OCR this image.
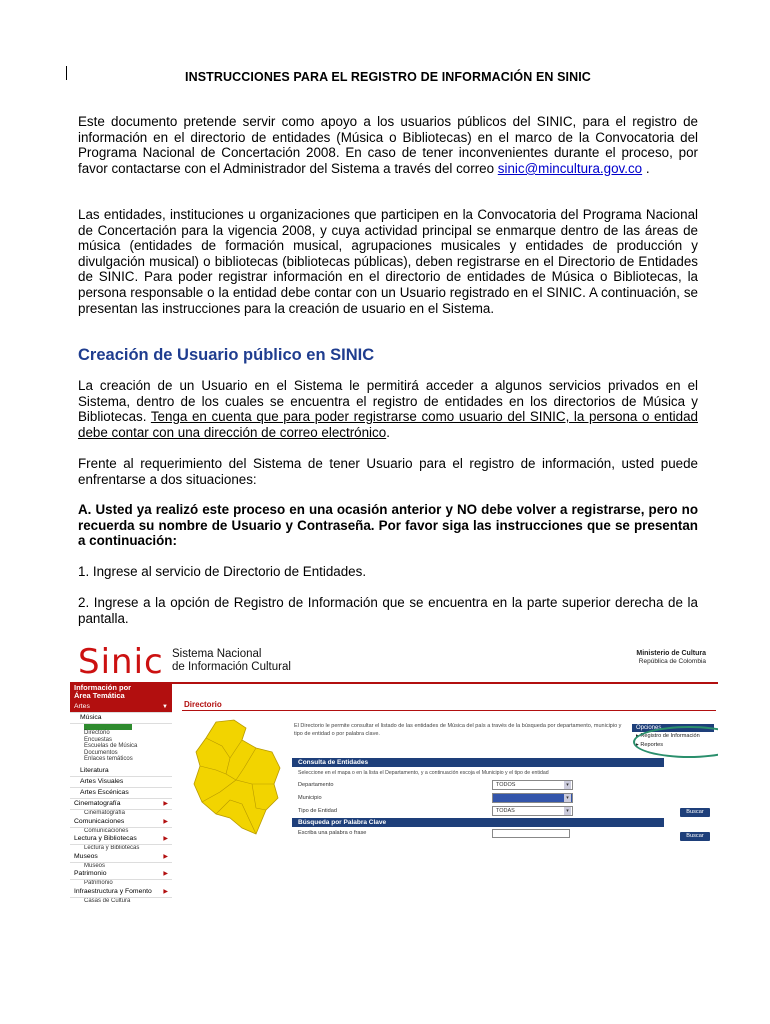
INSTRUCCIONES PARA EL REGISTRO DE INFORMACIÓN EN SINIC

Este documento pretende servir como apoyo a los usuarios públicos del SINIC, para el registro de información en el directorio de entidades (Música o Bibliotecas) en el marco de la Convocatoria del Programa Nacional de Concertación 2008. En caso de tener inconvenientes durante el proceso, por favor contactarse con el Administrador del Sistema a través del correo sinic@mincultura.gov.co .

Las entidades, instituciones u organizaciones que participen en la Convocatoria del Programa Nacional de Concertación para la vigencia 2008, y cuya actividad principal se enmarque dentro de las áreas de música (entidades de formación musical, agrupaciones musicales y entidades de producción y divulgación musical) o bibliotecas (bibliotecas públicas), deben registrarse en el Directorio de Entidades de SINIC. Para poder registrar información en el directorio de entidades de Música o Bibliotecas, la persona responsable o la entidad debe contar con un Usuario registrado en el SINIC. A continuación, se presentan las instrucciones para la creación de usuario en el Sistema.

Creación de Usuario público en SINIC

La creación de un Usuario en el Sistema le permitirá acceder a algunos servicios privados en el Sistema, dentro de los cuales se encuentra el registro de entidades en los directorios de Música y Bibliotecas. Tenga en cuenta que para poder registrarse como usuario del SINIC, la persona o entidad debe contar con una dirección de correo electrónico.

Frente al requerimiento del Sistema de tener Usuario para el registro de información, usted puede enfrentarse a dos situaciones:

A. Usted ya realizó este proceso en una ocasión anterior y NO debe volver a registrarse, pero no recuerda su nombre de Usuario y Contraseña. Por favor siga las instrucciones que se presentan a continuación:

1. Ingrese al servicio de Directorio de Entidades.

2. Ingrese a la opción de Registro de Información que se encuentra en la parte superior derecha de la pantalla.

Sinic Sistema Nacional
de Información Cultural
Ministerio de Cultura
República de Colombia
Información por
Área Temática
Artes	▼
Música
Directorio
Encuestas
Escuelas de Música
Documentos
Enlaces temáticos
Literatura
Artes Visuales
Artes Escénicas
Cinematografía	▶
Cinematografía
Comunicaciones	▶
Comunicaciones
Lectura y Bibliotecas	▶
Lectura y Bibliotecas
Museos	▶
Museos
Patrimonio	▶
Patrimonio
Infraestructura y Fomento ▶
Casas de Cultura
Directorio
El Directorio le permite consultar el listado de las entidades de Música del país a través de la búsqueda por departamento, municipio y tipo de entidad o por palabra clave.
Opciones
▸ Registro de Información
▸ Reportes
Consulta de Entidades
Seleccione en el mapa o en la lista el Departamento, y a continuación escoja el Municipio y el tipo de entidad
Departamento	TODOS	▾
Municipio	TODOS	▾
Tipo de Entidad	TODAS	▾
Búsqueda por Palabra Clave
Escriba una palabra o frase
Buscar
Buscar
